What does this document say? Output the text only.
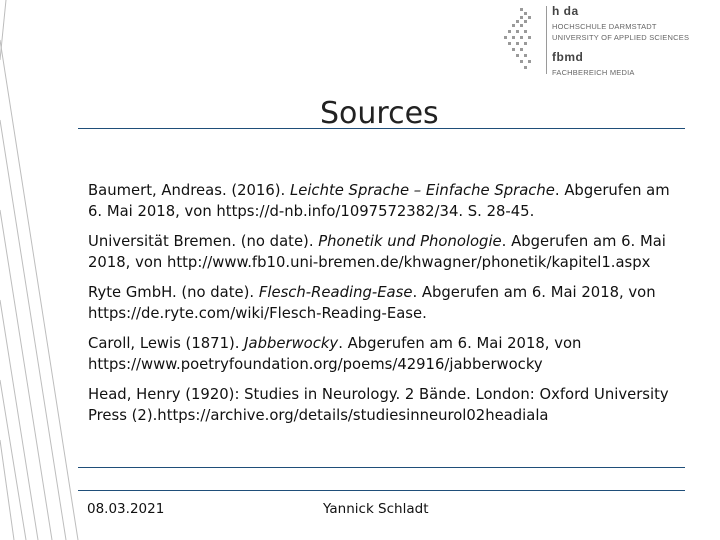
h da
HOCHSCHULE DARMSTADT
UNIVERSITY OF APPLIED SCIENCES
fbmd
FACHBEREICH MEDIA
Sources

Baumert, Andreas. (2016). Leichte Sprache – Einfache Sprache. Abgerufen am 6. Mai 2018, von https://d-nb.info/1097572382/34. S. 28-45.

Universität Bremen. (no date). Phonetik und Phonologie. Abgerufen am 6. Mai 2018, von http://www.fb10.uni-bremen.de/khwagner/phonetik/kapitel1.aspx

Ryte GmbH. (no date). Flesch-Reading-Ease. Abgerufen am 6. Mai 2018, von https://de.ryte.com/wiki/Flesch-Reading-Ease.

Caroll, Lewis (1871). Jabberwocky. Abgerufen am 6. Mai 2018, von https://www.poetryfoundation.org/poems/42916/jabberwocky

Head, Henry (1920): Studies in Neurology. 2 Bände. London: Oxford University Press (2).https://archive.org/details/studiesinneurol02headiala

08.03.2021	Yannick Schladt
